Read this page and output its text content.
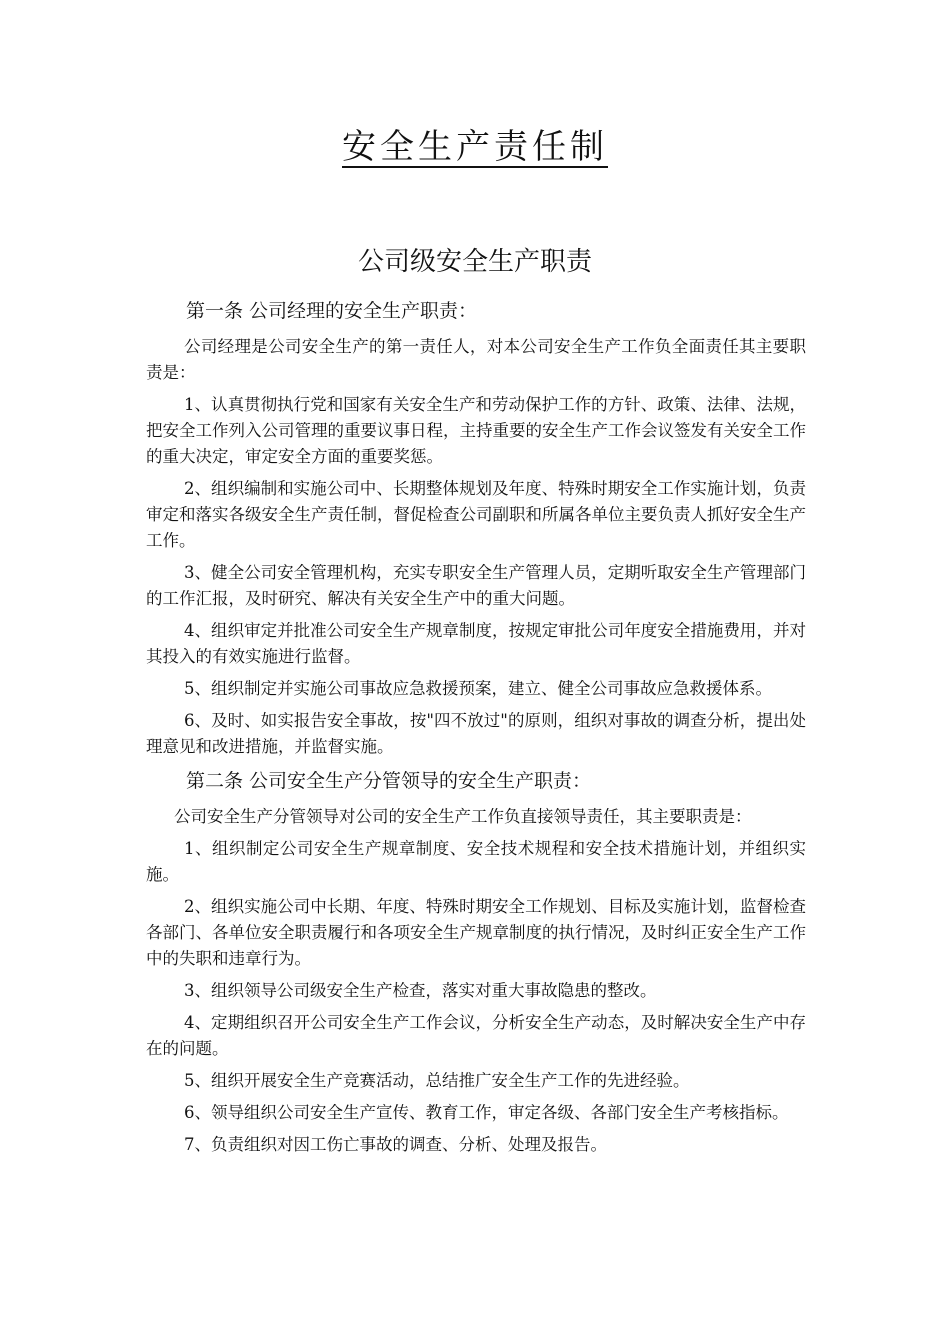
安全生产责任制
公司级安全生产职责
第一条 公司经理的安全生产职责：

公司经理是公司安全生产的第一责任人，对本公司安全生产工作负全面责任其主要职责是：

1、认真贯彻执行党和国家有关安全生产和劳动保护工作的方针、政策、法律、法规，把安全工作列入公司管理的重要议事日程，主持重要的安全生产工作会议签发有关安全工作的重大决定，审定安全方面的重要奖惩。

2、组织编制和实施公司中、长期整体规划及年度、特殊时期安全工作实施计划，负责审定和落实各级安全生产责任制，督促检查公司副职和所属各单位主要负责人抓好安全生产工作。

3、健全公司安全管理机构，充实专职安全生产管理人员，定期听取安全生产管理部门的工作汇报，及时研究、解决有关安全生产中的重大问题。

4、组织审定并批准公司安全生产规章制度，按规定审批公司年度安全措施费用，并对其投入的有效实施进行监督。

5、组织制定并实施公司事故应急救援预案，建立、健全公司事故应急救援体系。

6、及时、如实报告安全事故，按"四不放过"的原则，组织对事故的调查分析，提出处理意见和改进措施，并监督实施。

第二条 公司安全生产分管领导的安全生产职责：

公司安全生产分管领导对公司的安全生产工作负直接领导责任，其主要职责是：

1、组织制定公司安全生产规章制度、安全技术规程和安全技术措施计划，并组织实施。

2、组织实施公司中长期、年度、特殊时期安全工作规划、目标及实施计划，监督检查各部门、各单位安全职责履行和各项安全生产规章制度的执行情况，及时纠正安全生产工作中的失职和违章行为。

3、组织领导公司级安全生产检查，落实对重大事故隐患的整改。

4、定期组织召开公司安全生产工作会议，分析安全生产动态，及时解决安全生产中存在的问题。

5、组织开展安全生产竞赛活动，总结推广安全生产工作的先进经验。

6、领导组织公司安全生产宣传、教育工作，审定各级、各部门安全生产考核指标。

7、负责组织对因工伤亡事故的调查、分析、处理及报告。
